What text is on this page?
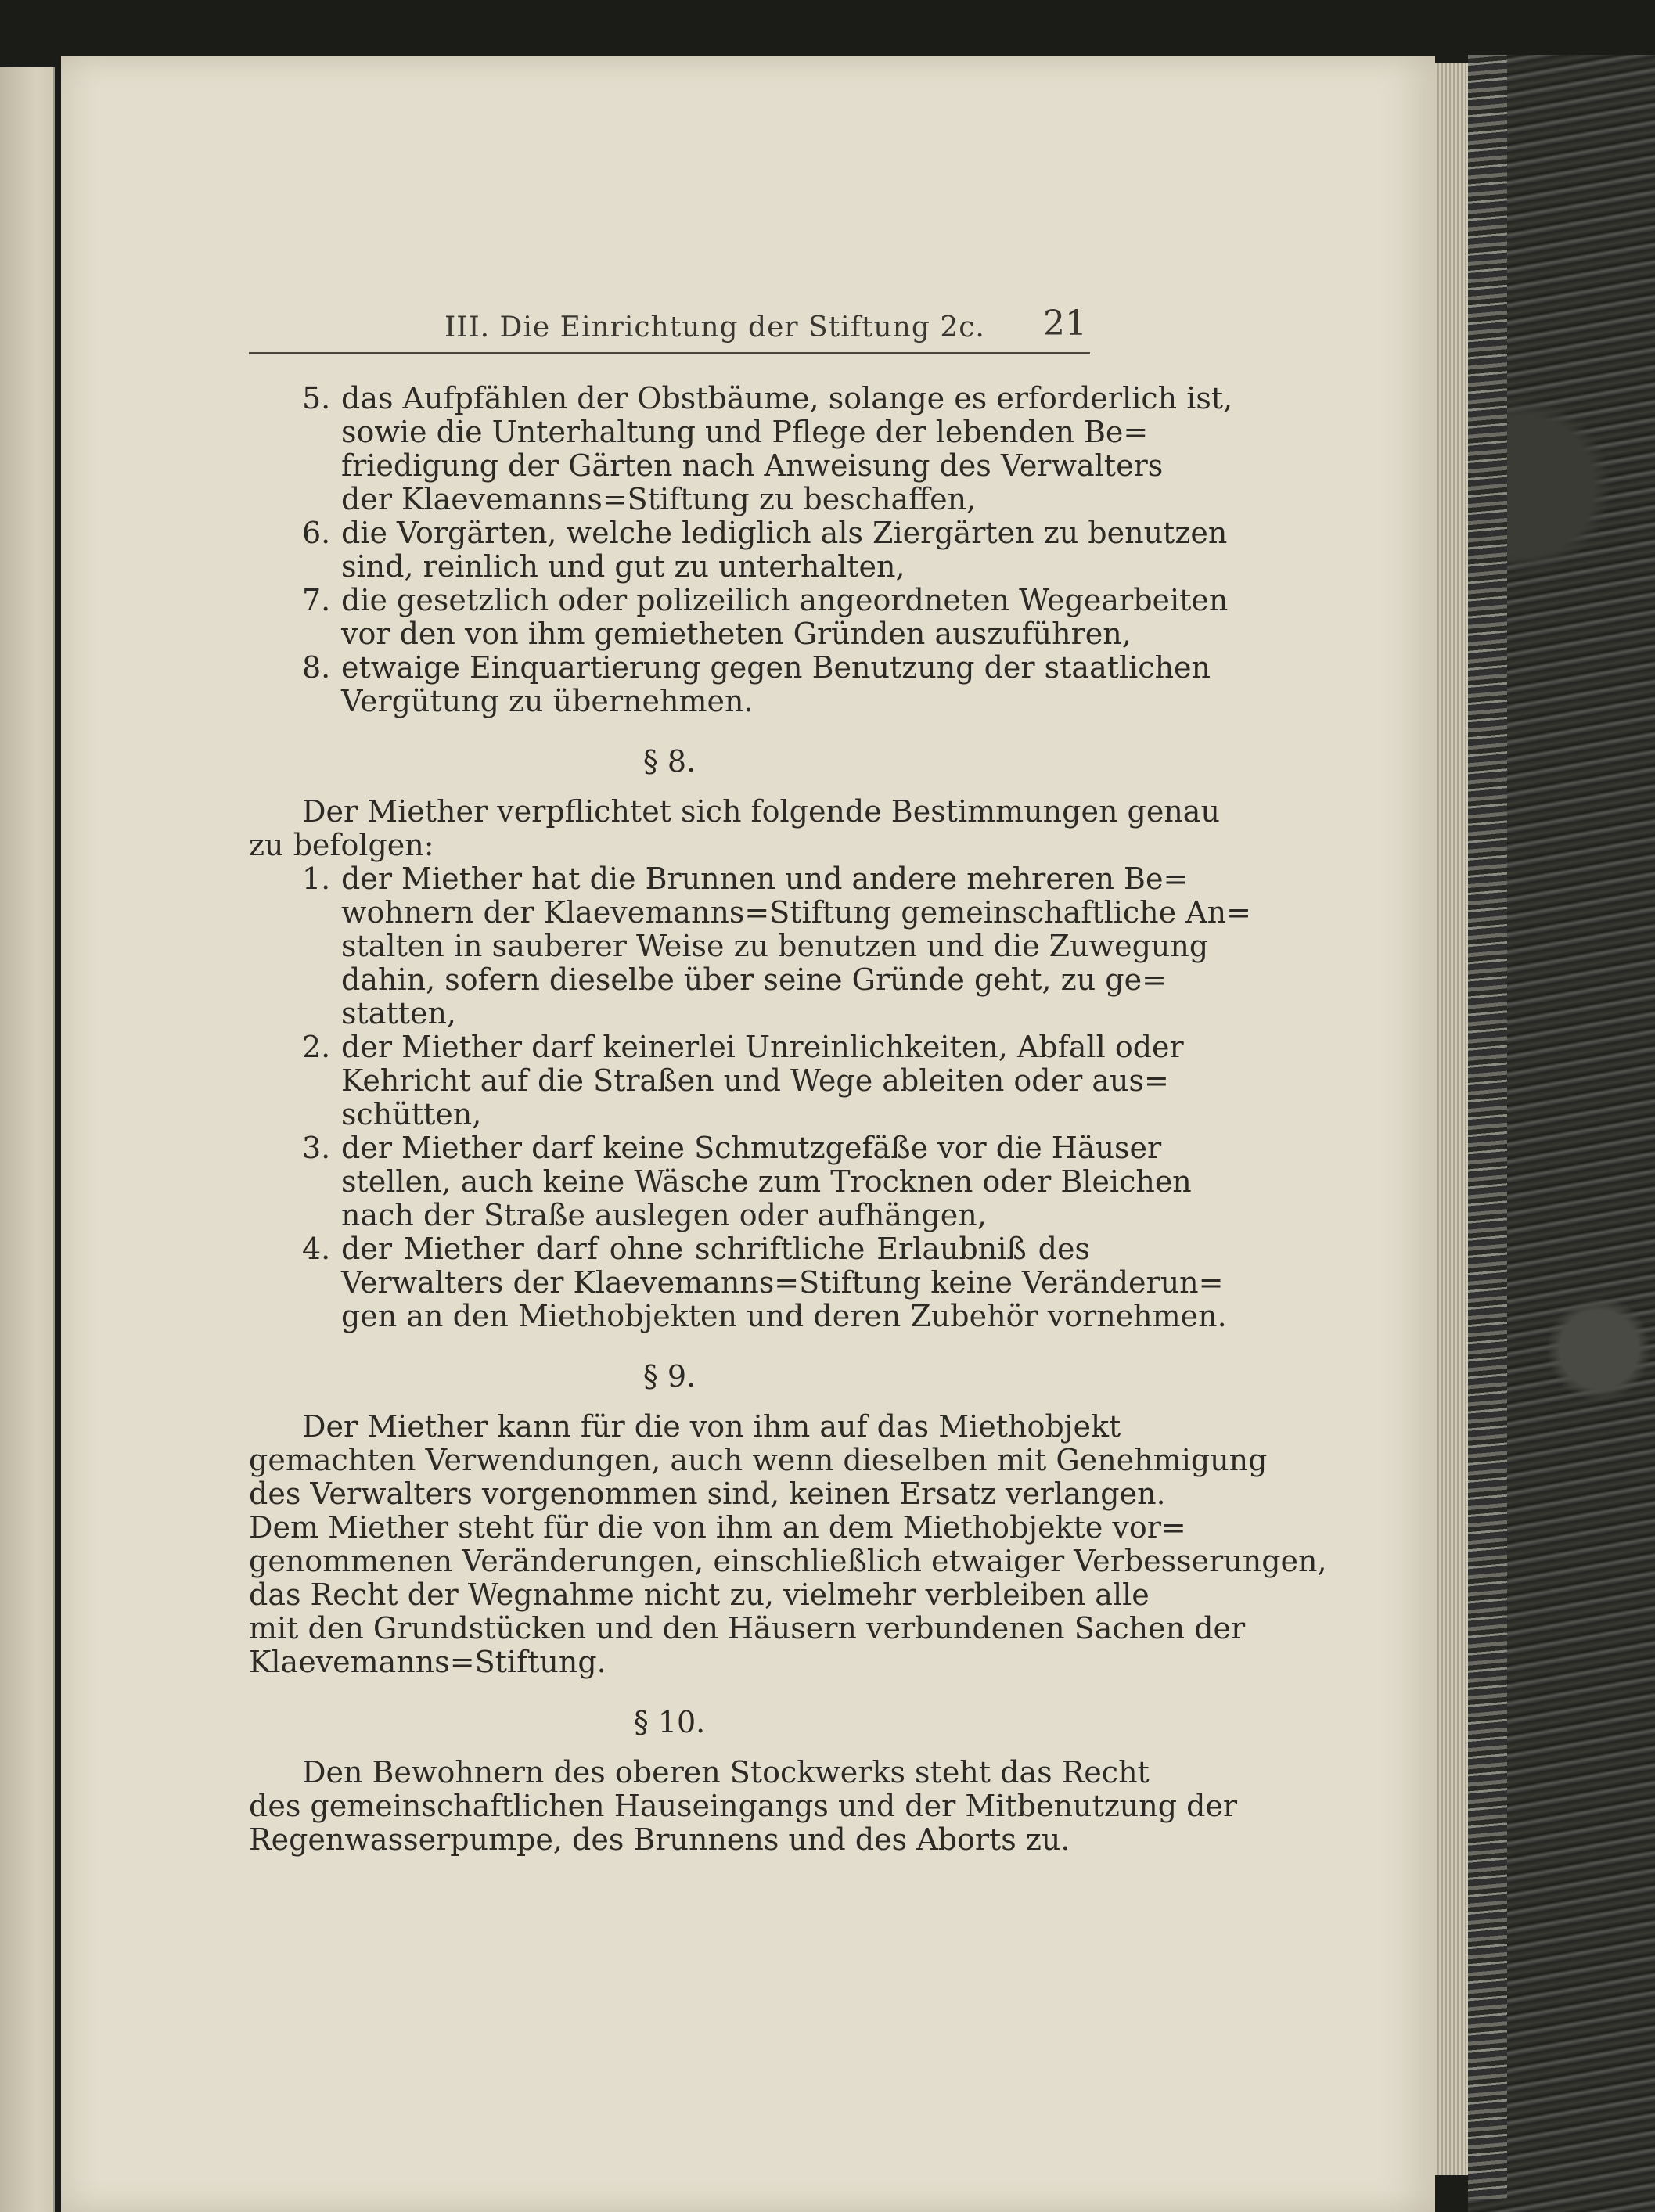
III. Die Einrichtung der Stiftung 2c. 21
5. das Aufpfählen der Obstbäume, solange es erforderlich ist,
sowie die Unterhaltung und Pflege der lebenden Be=
friedigung der Gärten nach Anweisung des Verwalters
der Klaevemanns=Stiftung zu beschaffen,
6. die Vorgärten, welche lediglich als Ziergärten zu benutzen
sind, reinlich und gut zu unterhalten,
7. die gesetzlich oder polizeilich angeordneten Wegearbeiten
vor den von ihm gemietheten Gründen auszuführen,
8. etwaige Einquartierung gegen Benutzung der staatlichen
Vergütung zu übernehmen.
§ 8.
Der Miether verpflichtet sich folgende Bestimmungen genau
zu befolgen:
1. der Miether hat die Brunnen und andere mehreren Be=
wohnern der Klaevemanns=Stiftung gemeinschaftliche An=
stalten in sauberer Weise zu benutzen und die Zuwegung
dahin, sofern dieselbe über seine Gründe geht, zu ge=
statten,
2. der Miether darf keinerlei Unreinlichkeiten, Abfall oder
Kehricht auf die Straßen und Wege ableiten oder aus=
schütten,
3. der Miether darf keine Schmutzgefäße vor die Häuser
stellen, auch keine Wäsche zum Trocknen oder Bleichen
nach der Straße auslegen oder aufhängen,
4. der Miether darf ohne schriftliche Erlaubniß des
Verwalters der Klaevemanns=Stiftung keine Veränderun=
gen an den Miethobjekten und deren Zubehör vornehmen.
§ 9.
Der Miether kann für die von ihm auf das Miethobjekt
gemachten Verwendungen, auch wenn dieselben mit Genehmigung
des Verwalters vorgenommen sind, keinen Ersatz verlangen.
Dem Miether steht für die von ihm an dem Miethobjekte vor=
genommenen Veränderungen, einschließlich etwaiger Verbesserungen,
das Recht der Wegnahme nicht zu, vielmehr verbleiben alle
mit den Grundstücken und den Häusern verbundenen Sachen der
Klaevemanns=Stiftung.
§ 10.
Den Bewohnern des oberen Stockwerks steht das Recht
des gemeinschaftlichen Hauseingangs und der Mitbenutzung der
Regenwasserpumpe, des Brunnens und des Aborts zu.
